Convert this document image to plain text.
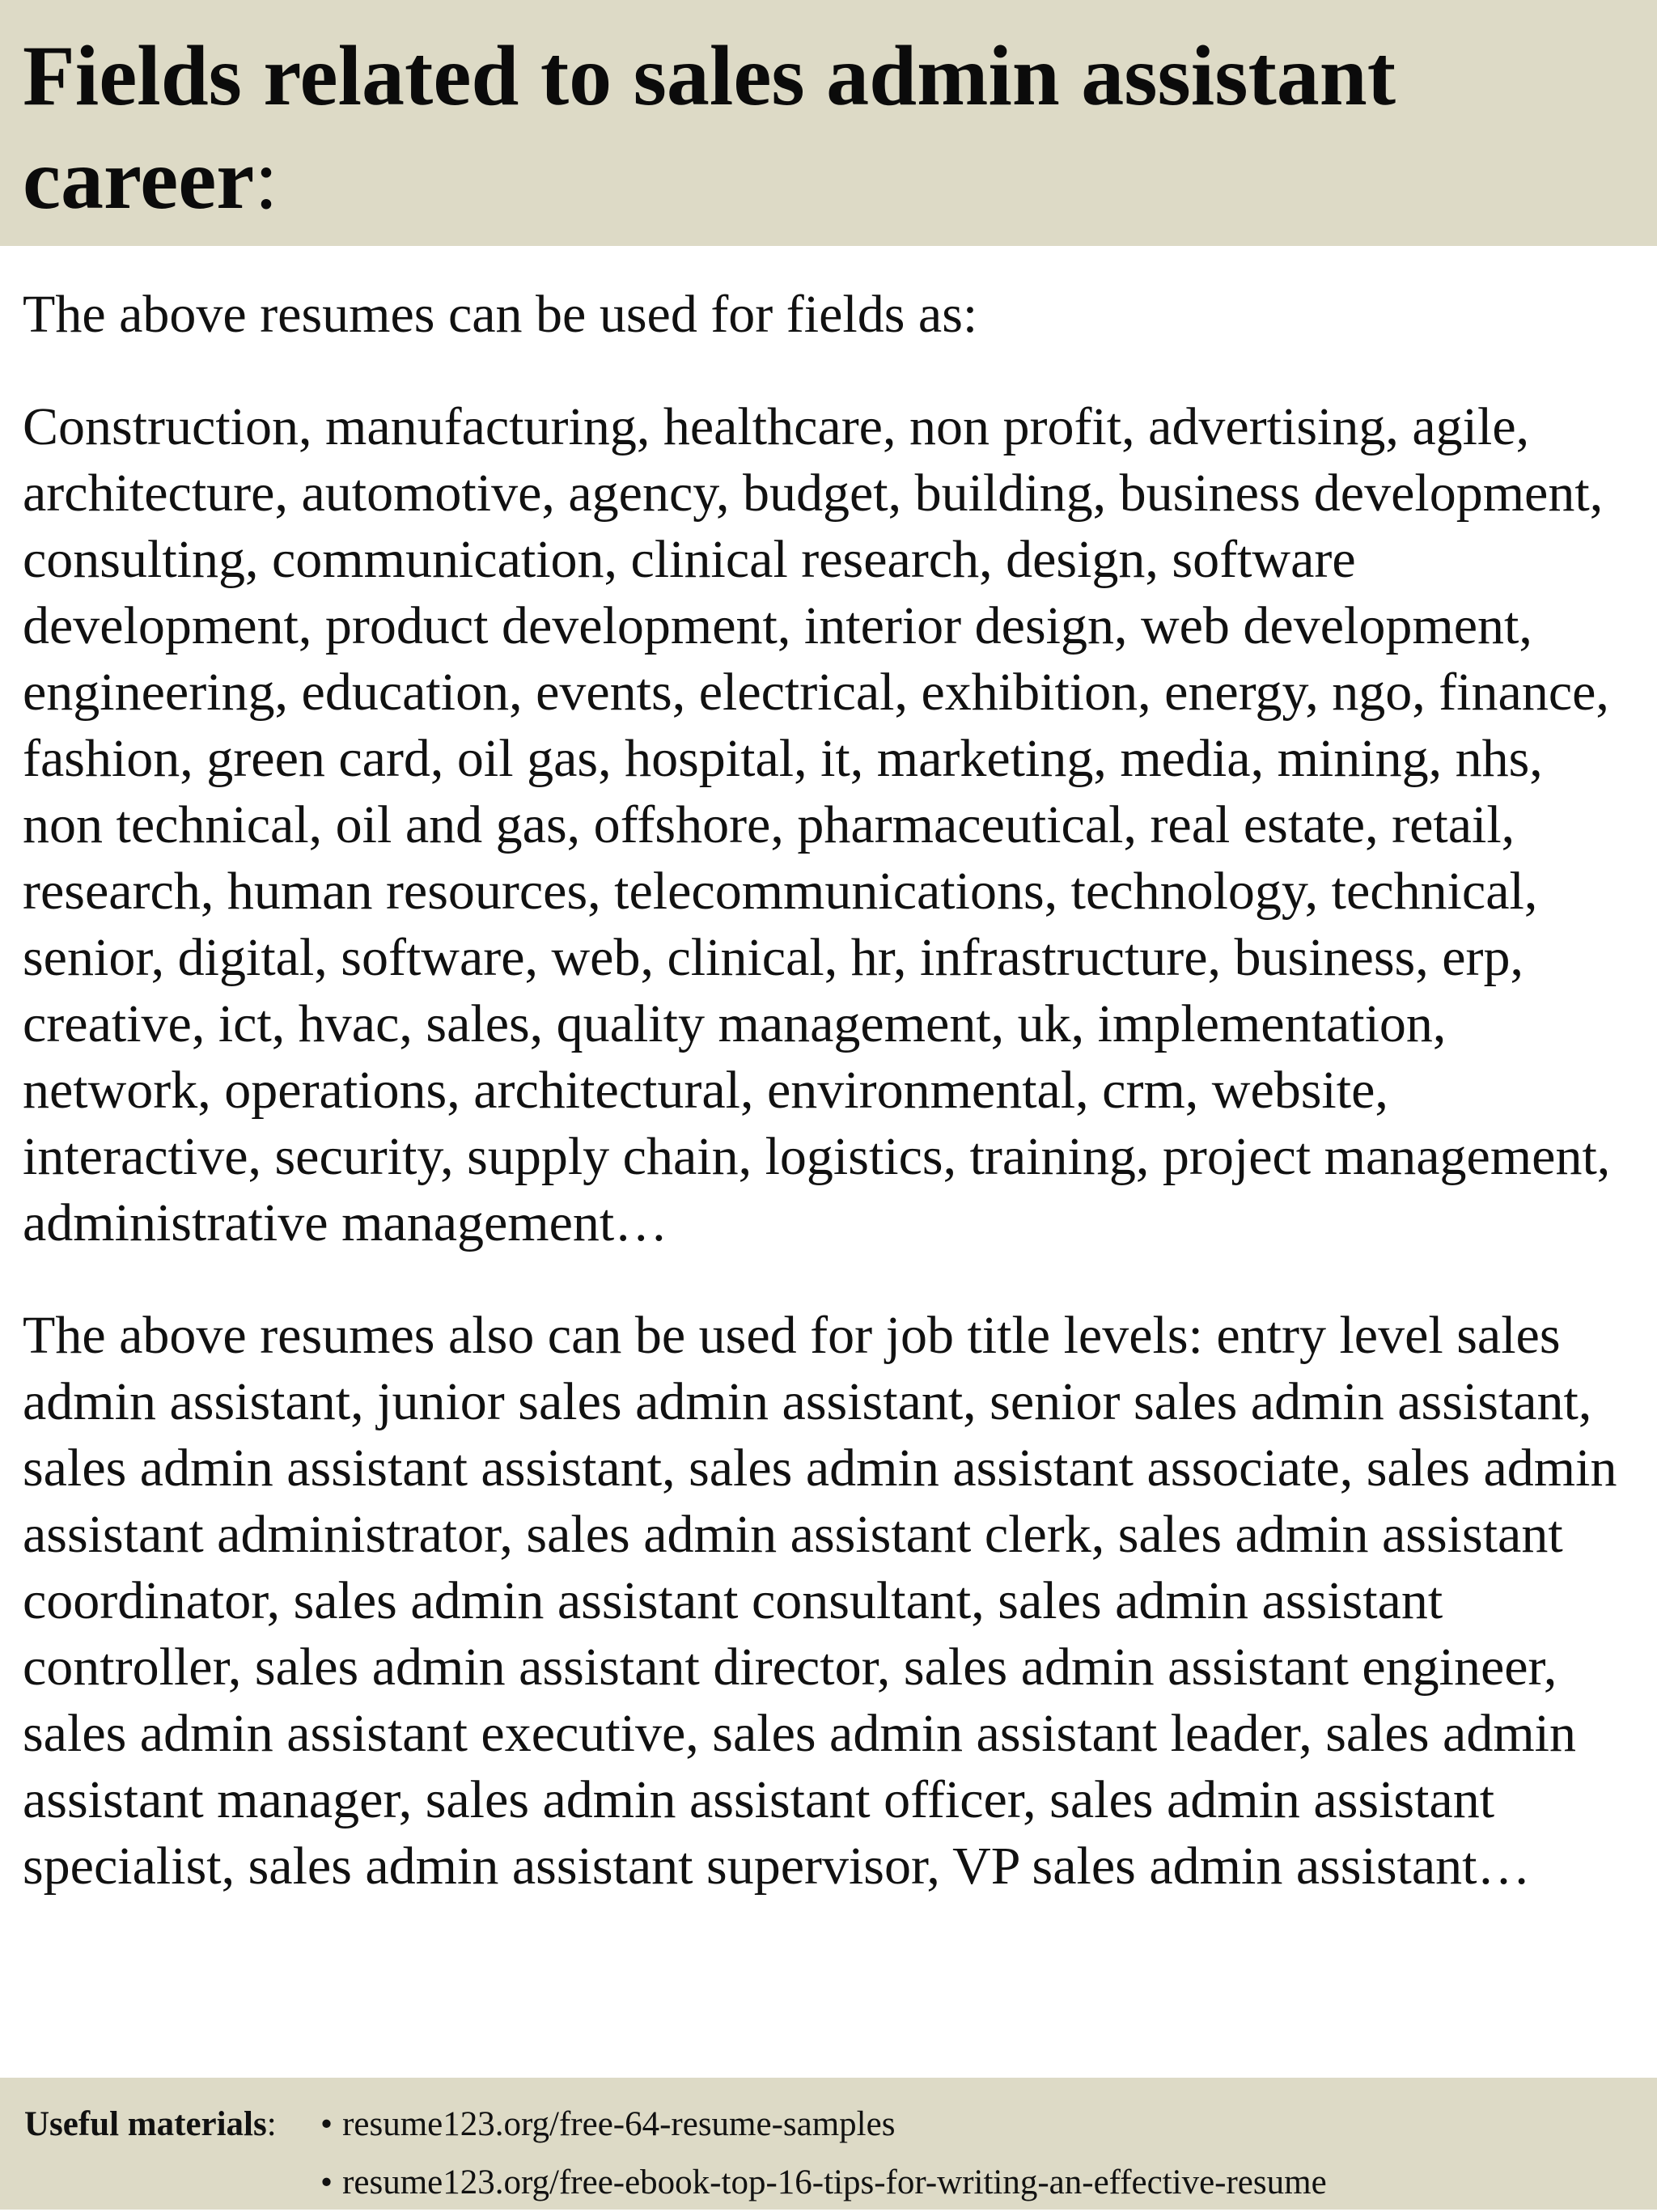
Fields related to sales admin assistant career:

The above resumes can be used for fields as:

Construction, manufacturing, healthcare, non profit, advertising, agile, architecture, automotive, agency, budget, building, business development, consulting, communication, clinical research, design, software development, product development, interior design, web development, engineering, education, events, electrical, exhibition, energy, ngo, finance, fashion, green card, oil gas, hospital, it, marketing, media, mining, nhs, non technical, oil and gas, offshore, pharmaceutical, real estate, retail, research, human resources, telecommunications, technology, technical, senior, digital, software, web, clinical, hr, infrastructure, business, erp, creative, ict, hvac, sales, quality management, uk, implementation, network, operations, architectural, environmental, crm, website, interactive, security, supply chain, logistics, training, project management, administrative management…

The above resumes also can be used for job title levels: entry level sales admin assistant, junior sales admin assistant, senior sales admin assistant, sales admin assistant assistant, sales admin assistant associate, sales admin assistant administrator, sales admin assistant clerk, sales admin assistant coordinator, sales admin assistant consultant, sales admin assistant controller, sales admin assistant director, sales admin assistant engineer, sales admin assistant executive, sales admin assistant leader, sales admin assistant manager, sales admin assistant officer, sales admin assistant specialist, sales admin assistant supervisor, VP sales admin assistant…

Useful materials:	• resume123.org/free-64-resume-samples
• resume123.org/free-ebook-top-16-tips-for-writing-an-effective-resume
